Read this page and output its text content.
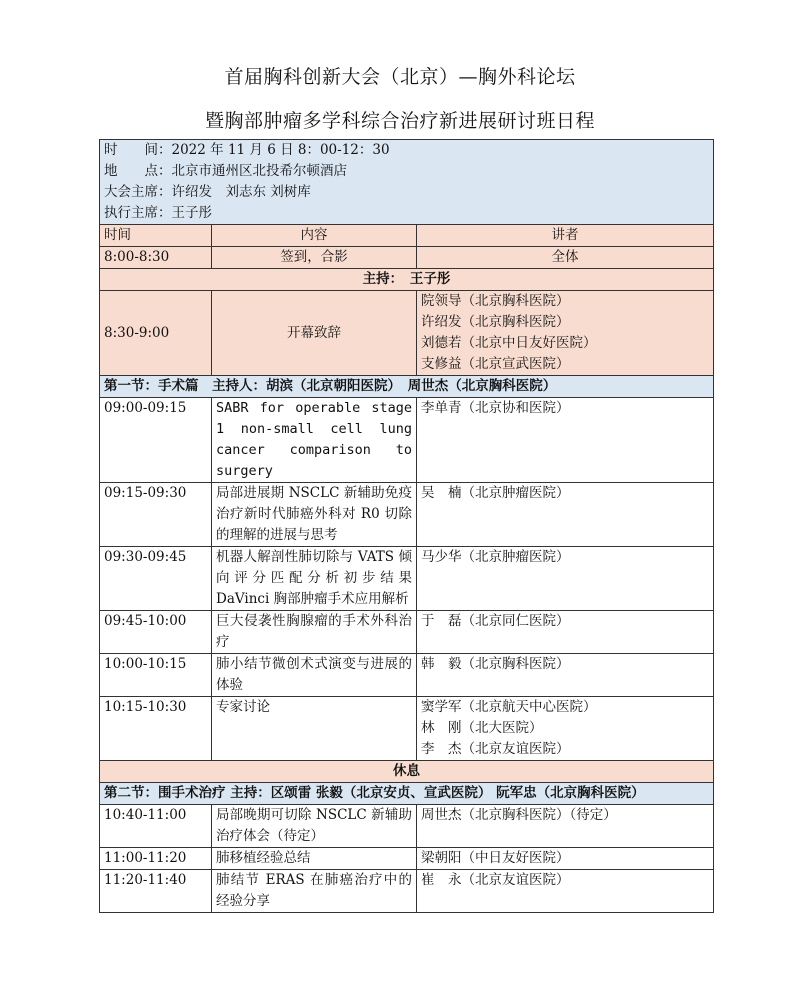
首届胸科创新大会（北京）—胸外科论坛
暨胸部肿瘤多学科综合治疗新进展研讨班日程
时　　间：2022 年 11 月 6 日 8：00-12：30
地　　点：北京市通州区北投希尔顿酒店
大会主席：许绍发　刘志东 刘树库
执行主席：王子彤		

时间	内容	讲者
8:00-8:30	签到，合影	全体
主持：　王子彤		
8:30-9:00	开幕致辞	院领导（北京胸科医院）
许绍发（北京胸科医院）
刘德若（北京中日友好医院）
支修益（北京宣武医院）

第一节：手术篇　主持人：胡滨（北京朝阳医院）　周世杰（北京胸科医院）		
09:00-09:15	SABR for operable stage 1 non-small cell lung cancer comparison to surgery	李单青（北京协和医院）

09:15-09:30	局部进展期 NSCLC 新辅助免疫治疗新时代肺癌外科对 R0 切除的理解的进展与思考	吴　楠（北京肿瘤医院）

09:30-09:45	机器人解剖性肺切除与 VATS 倾向评分匹配分析初步结果 DaVinci 胸部肿瘤手术应用解析	马少华（北京肿瘤医院）

09:45-10:00	巨大侵袭性胸腺瘤的手术外科治疗	于　磊（北京同仁医院）

10:00-10:15	肺小结节微创术式演变与进展的体验	韩　毅（北京胸科医院）

10:15-10:30	专家讨论	窦学军（北京航天中心医院）
林　刚（北大医院）
李　杰（北京友谊医院）

休息		
第二节：围手术治疗 主持：区颂雷 张毅（北京安贞、宣武医院） 阮军忠（北京胸科医院）		
10:40-11:00	局部晚期可切除 NSCLC 新辅助治疗体会（待定）	周世杰（北京胸科医院）（待定）

11:00-11:20	肺移植经验总结	梁朝阳（中日友好医院）

11:20-11:40	肺结节 ERAS 在肺癌治疗中的经验分享	崔　永（北京友谊医院）
